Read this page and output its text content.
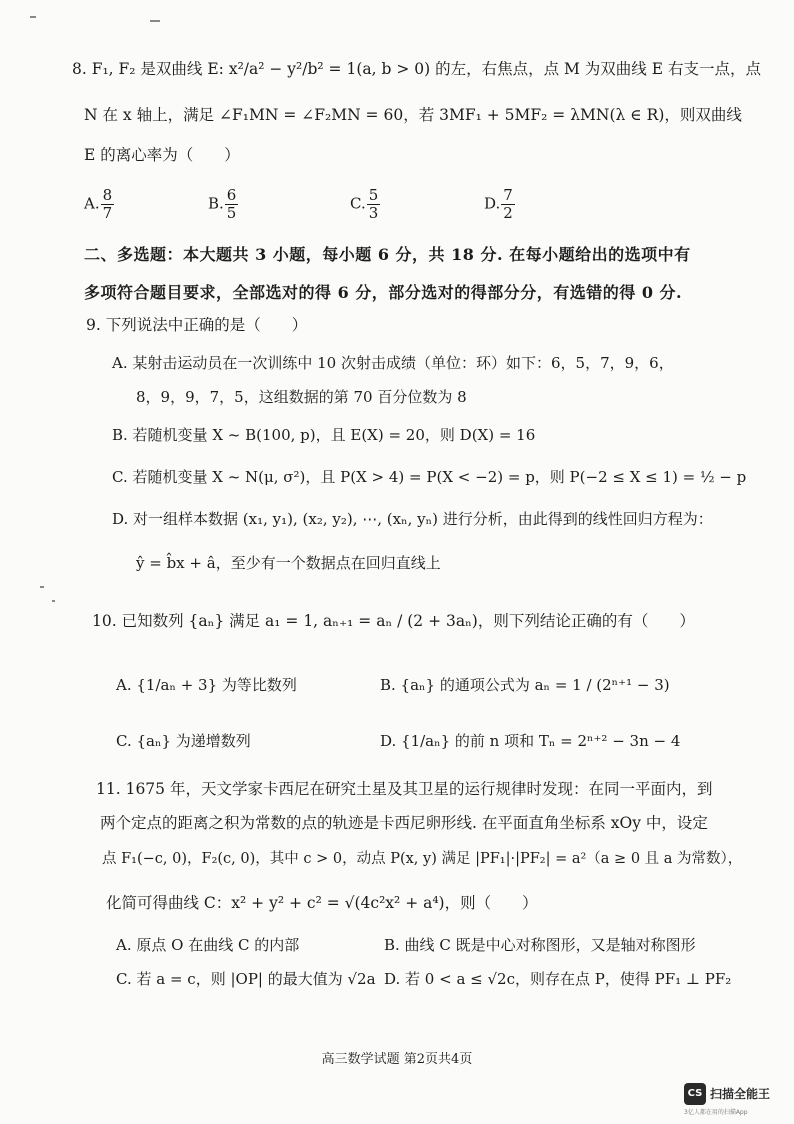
8. F₁, F₂ 是双曲线 E: x²/a² − y²/b² = 1(a, b > 0) 的左，右焦点，点 M 为双曲线 E 右支一点，点
N 在 x 轴上，满足 ∠F₁MN = ∠F₂MN = 60，若 3MF₁ + 5MF₂ = λMN(λ ∈ R)，则双曲线
E 的离心率为（　　）
A. $\frac{8}{7}$	B. $\frac{6}{5}$	C. $\frac{5}{3}$	D. $\frac{7}{2}$
二、多选题：本大题共 3 小题，每小题 6 分，共 18 分. 在每小题给出的选项中有
多项符合题目要求，全部选对的得 6 分，部分选对的得部分分，有选错的得 0 分.
9. 下列说法中正确的是（　　）
A. 某射击运动员在一次训练中 10 次射击成绩（单位：环）如下：6，5，7，9，6，
8，9，9，7，5，这组数据的第 70 百分位数为 8
B. 若随机变量 X ~ B(100, p)，且 E(X) = 20，则 D(X) = 16
C. 若随机变量 X ~ N(μ, σ²)，且 P(X > 4) = P(X < −2) = p，则 P(−2 ≤ X ≤ 1) = ½ − p
D. 对一组样本数据 (x₁, y₁), (x₂, y₂), ⋯, (xₙ, yₙ) 进行分析，由此得到的线性回归方程为：
ŷ = b̂x + â，至少有一个数据点在回归直线上
10. 已知数列 {aₙ} 满足 a₁ = 1, aₙ₊₁ = aₙ / (2 + 3aₙ)，则下列结论正确的有（　　）
A. {1/aₙ + 3} 为等比数列	B. {aₙ} 的通项公式为 aₙ = 1 / (2ⁿ⁺¹ − 3)
C. {aₙ} 为递增数列	D. {1/aₙ} 的前 n 项和 Tₙ = 2ⁿ⁺² − 3n − 4
11. 1675 年，天文学家卡西尼在研究土星及其卫星的运行规律时发现：在同一平面内，到
两个定点的距离之积为常数的点的轨迹是卡西尼卵形线. 在平面直角坐标系 xOy 中，设定
点 F₁(−c, 0)，F₂(c, 0)，其中 c > 0，动点 P(x, y) 满足 |PF₁|·|PF₂| = a²（a ≥ 0 且 a 为常数），
化简可得曲线 C：x² + y² + c² = √(4c²x² + a⁴)，则（　　）
A. 原点 O 在曲线 C 的内部	B. 曲线 C 既是中心对称图形，又是轴对称图形
C. 若 a = c，则 |OP| 的最大值为 √2a D. 若 0 < a ≤ √2c，则存在点 P，使得 PF₁ ⊥ PF₂
高三数学试题 第2页共4页
CS 扫描全能王
3亿人都在用的扫描App
